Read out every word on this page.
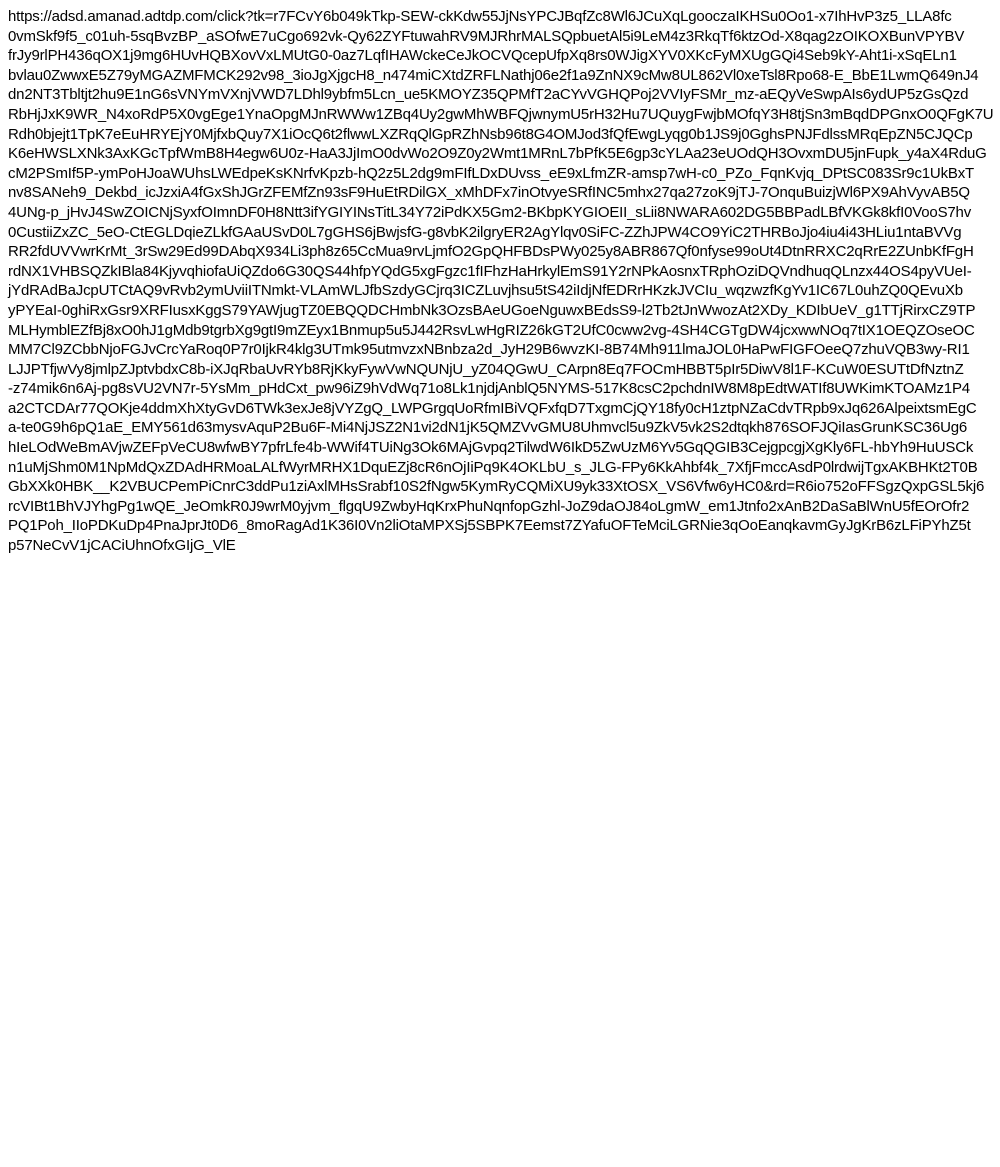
https://adsd.amanad.adtdp.com/click?tk=r7FCvY6b049kTkp-SEW-ckKdw55JjNsYPCJBqfZc8Wl6JCuXqLgooczaIKHSu0Oo1-x7IhHvP3z5_LLA8fc
0vmSkf9f5_c01uh-5sqBvzBP_aSOfwE7uCgo692vk-Qy62ZYFtuwahRV9MJRhrMALSQpbuetAl5i9LeM4z3RkqTf6ktzOd-X8qag2zOIKOXBunVPYBV
frJy9rlPH436qOX1j9mg6HUvHQBXovVxLMUtG0-0az7LqfIHAWckeCeJkOCVQcepUfpXq8rs0WJigXYV0XKcFyMXUgGQi4Seb9kY-Aht1i-xSqELn1
bvlau0ZwwxE5Z79yMGAZMFMCK292v98_3ioJgXjgcH8_n474miCXtdZRFLNathj06e2f1a9ZnNX9cMw8UL862Vl0xeTsl8Rpo68-E_BbE1LwmQ649nJ4
dn2NT3Tbltjt2hu9E1nG6sVNYmVXnjVWD7LDhl9ybfm5Lcn_ue5KMOYZ35QPMfT2aCYvVGHQPoj2VVIyFSMr_mz-aEQyVeSwpAIs6ydUP5zGsQzd
RbHjJxK9WR_N4xoRdP5X0vgEge1YnaOpgMJnRWWw1ZBq4Uy2gwMhWBFQjwnymU5rH32Hu7UQuygFwjbMOfqY3H8tjSn3mBqdDPGnxO0QFgK7U
Rdh0bjejt1TpK7eEuHRYEjY0MjfxbQuy7X1iOcQ6t2flwwLXZRqQlGpRZhNsb96t8G4OMJod3fQfEwgLyqg0b1JS9j0GghsPNJFdlssMRqEpZN5CJQCp
K6eHWSLXNk3AxKGcTpfWmB8H4egw6U0z-HaA3JjImO0dvWo2O9Z0y2Wmt1MRnL7bPfK5E6gp3cYLAa23eUOdQH3OvxmDU5jnFupk_y4aX4RduG
cM2PSmIf5P-ymPoHJoaWUhsLWEdpeKsKNrfvKpzb-hQ2z5L2dg9mFIfLDxDUvss_eE9xLfmZR-amsp7wH-c0_PZo_FqnKvjq_DPtSC083Sr9c1UkBxT
nv8SANeh9_Dekbd_icJzxiA4fGxShJGrZFEMfZn93sF9HuEtRDilGX_xMhDFx7inOtvyeSRfINC5mhx27qa27zoK9jTJ-7OnquBuizjWl6PX9AhVyvAB5Q
4UNg-p_jHvJ4SwZOICNjSyxfOImnDF0H8Ntt3ifYGIYINsTitL34Y72iPdKX5Gm2-BKbpKYGIOEII_sLii8NWARA602DG5BBPadLBfVKGk8kfI0VooS7hv
0CustiiZxZC_5eO-CtEGLDqieZLkfGAaUSvD0L7gGHS6jBwjsfG-g8vbK2ilgryER2AgYlqv0SiFC-ZZhJPW4CO9YiC2THRBoJjo4iu4i43HLiu1ntaBVVg
RR2fdUVVwrKrMt_3rSw29Ed99DAbqX934Li3ph8z65CcMua9rvLjmfO2GpQHFBDsPWy025y8ABR867Qf0nfyse99oUt4DtnRRXC2qRrE2ZUnbKfFgH
rdNX1VHBSQZkIBla84KjyvqhiofaUiQZdo6G30QS44hfpYQdG5xgFgzc1fIFhzHaHrkylEmS91Y2rNPkAosnxTRphOziDQVndhuqQLnzx44OS4pyVUeI-
jYdRAdBaJcpUTCtAQ9vRvb2ymUviiITNmkt-VLAmWLJfbSzdyGCjrq3ICZLuvjhsu5tS42iIdjNfEDRrHKzkJVCIu_wqzwzfKgYv1IC67L0uhZQ0QEvuXb
yPYEaI-0ghiRxGsr9XRFIusxKggS79YAWjugTZ0EBQQDCHmbNk3OzsBAeUGoeNguwxBEdsS9-l2Tb2tJnWwozAt2XDy_KDIbUeV_g1TTjRirxCZ9TP
MLHymblEZfBj8xO0hJ1gMdb9tgrbXg9gtI9mZEyx1Bnmup5u5J442RsvLwHgRIZ26kGT2UfC0cww2vg-4SH4CGTgDW4jcxwwNOq7tIX1OEQZOseOC
MM7Cl9ZCbbNjoFGJvCrcYaRoq0P7r0IjkR4klg3UTmk95utmvzxNBnbza2d_JyH29B6wvzKI-8B74Mh911lmaJOL0HaPwFIGFOeeQ7zhuVQB3wy-RI1
LJJPTfjwVy8jmlpZJptvbdxC8b-iXJqRbaUvRYb8RjKkyFywVwNQUNjU_yZ04QGwU_CArpn8Eq7FOCmHBBT5pIr5DiwV8l1F-KCuW0ESUTtDfNztnZ
-z74mik6n6Aj-pg8sVU2VN7r-5YsMm_pHdCxt_pw96iZ9hVdWq71o8Lk1njdjAnblQ5NYMS-517K8csC2pchdnIW8M8pEdtWATIf8UWKimKTOAMz1P4
a2CTCDAr77QOKje4ddmXhXtyGvD6TWk3exJe8jVYZgQ_LWPGrgqUoRfmIBiVQFxfqD7TxgmCjQY18fy0cH1ztpNZaCdvTRpb9xJq626AlpeixtsmEgC
a-te0G9h6pQ1aE_EMY561d63mysvAquP2Bu6F-Mi4NjJSZ2N1vi2dN1jK5QMZVvGMU8Uhmvcl5u9ZkV5vk2S2dtqkh876SOFJQiIasGrunKSC36Ug6
hIeLOdWeBmAVjwZEFpVeCU8wfwBY7pfrLfe4b-WWif4TUiNg3Ok6MAjGvpq2TilwdW6IkD5ZwUzM6Yv5GqQGIB3CejgpcgjXgKly6FL-hbYh9HuUSCk
n1uMjShm0M1NpMdQxZDAdHRMoaLALfWyrMRHX1DquEZj8cR6nOjIiPq9K4OKLbU_s_JLG-FPy6KkAhbf4k_7XfjFmccAsdP0lrdwijTgxAKBHKt2T0B
GbXXk0HBK__K2VBUCPemPiCnrC3ddPu1ziAxlMHsSrabf10S2fNgw5KymRyCQMiXU9yk33XtOSX_VS6Vfw6yHC0&rd=R6io752oFFSgzQxpGSL5kj6
rcVIBt1BhVJYhgPg1wQE_JeOmkR0J9wrM0yjvm_flgqU9ZwbyHqKrxPhuNqnfopGzhl-JoZ9daOJ84oLgmW_em1Jtnfo2xAnB2DaSaBlWnU5fEOrOfr2
PQ1Poh_IIoPDKuDp4PnaJprJt0D6_8moRagAd1K36I0Vn2liOtaMPXSj5SBPK7Eemst7ZYafuOFTeMciLGRNie3qOoEanqkavmGyJgKrB6zLFiPYhZ5t
p57NeCvV1jCACiUhnOfxGIjG_VlE
